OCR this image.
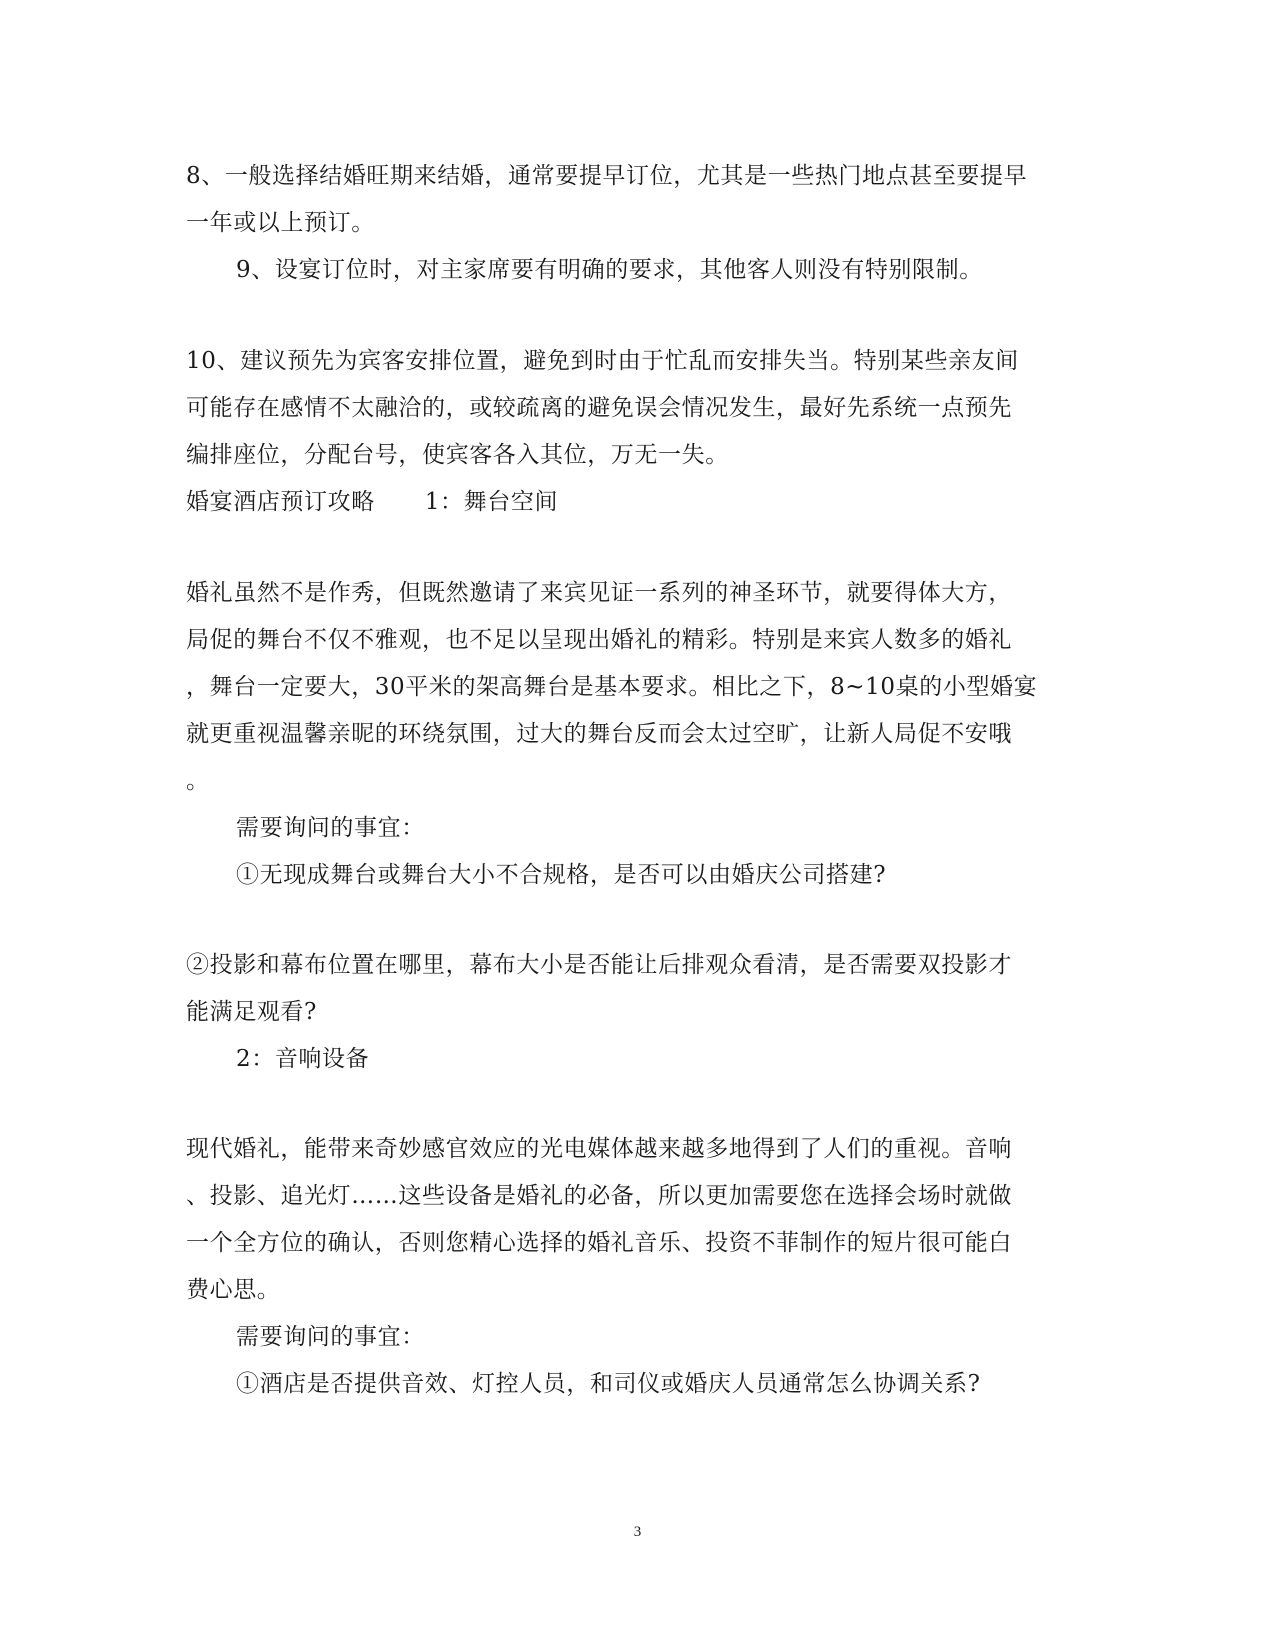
8、一般选择结婚旺期来结婚，通常要提早订位，尤其是一些热门地点甚至要提早
一年或以上预订。
9、设宴订位时，对主家席要有明确的要求，其他客人则没有特别限制。
10、建议预先为宾客安排位置，避免到时由于忙乱而安排失当。特别某些亲友间
可能存在感情不太融洽的，或较疏离的避免误会情况发生，最好先系统一点预先
编排座位，分配台号，使宾客各入其位，万无一失。
婚宴酒店预订攻略 1：舞台空间
婚礼虽然不是作秀，但既然邀请了来宾见证一系列的神圣环节，就要得体大方，
局促的舞台不仅不雅观，也不足以呈现出婚礼的精彩。特别是来宾人数多的婚礼
，舞台一定要大，30平米的架高舞台是基本要求。相比之下，8~10桌的小型婚宴
就更重视温馨亲昵的环绕氛围，过大的舞台反而会太过空旷，让新人局促不安哦
。
需要询问的事宜：
①无现成舞台或舞台大小不合规格，是否可以由婚庆公司搭建?
②投影和幕布位置在哪里，幕布大小是否能让后排观众看清，是否需要双投影才
能满足观看?
2：音响设备
现代婚礼，能带来奇妙感官效应的光电媒体越来越多地得到了人们的重视。音响
、投影、追光灯……这些设备是婚礼的必备，所以更加需要您在选择会场时就做
一个全方位的确认，否则您精心选择的婚礼音乐、投资不菲制作的短片很可能白
费心思。
需要询问的事宜：
①酒店是否提供音效、灯控人员，和司仪或婚庆人员通常怎么协调关系?
3
